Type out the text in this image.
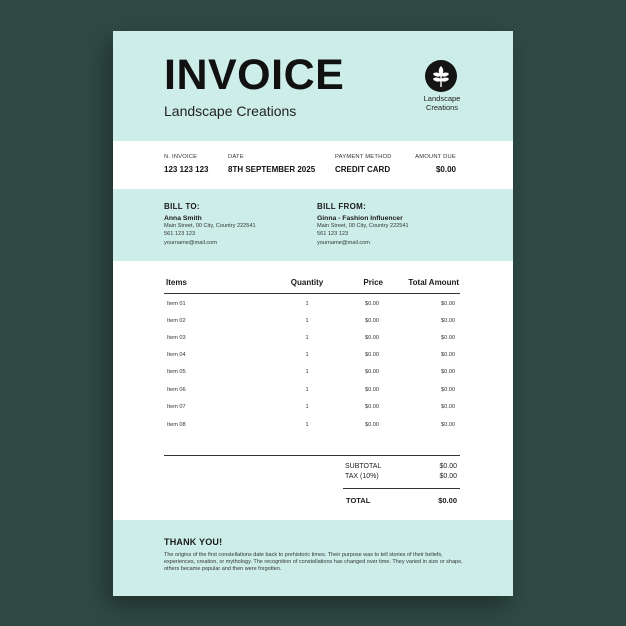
INVOICE
Landscape Creations
Landscape
Creations
N. INVOICE
123 123 123
DATE
8TH SEPTEMBER 2025
PAYMENT METHOD
CREDIT CARD
AMOUNT DUE
$0.00
BILL TO:
Anna Smith
Main Street, 00 City, Country 222541
561 123 123
yourname@mail.com
BILL FROM:
Ginna - Fashion Influencer
Main Street, 00 City, Country 222541
561 123 123
yourname@mail.com
Items	Quantity	Price	Total Amount
Item 01	1	$0.00	$0.00
Item 02	1	$0.00	$0.00
Item 03	1	$0.00	$0.00
Item 04	1	$0.00	$0.00
Item 05	1	$0.00	$0.00
Item 06	1	$0.00	$0.00
Item 07	1	$0.00	$0.00
Item 08	1	$0.00	$0.00
SUBTOTAL	$0.00
TAX (10%)	$0.00
TOTAL	$0.00
THANK YOU!
The origins of the first constellations date back to prehistoric times. Their purpose was to tell stories of their beliefs, experiences, creation, or mythology. The recognition of constellations has changed over time. They varied in size or shape, others became popular and then were forgotten.
